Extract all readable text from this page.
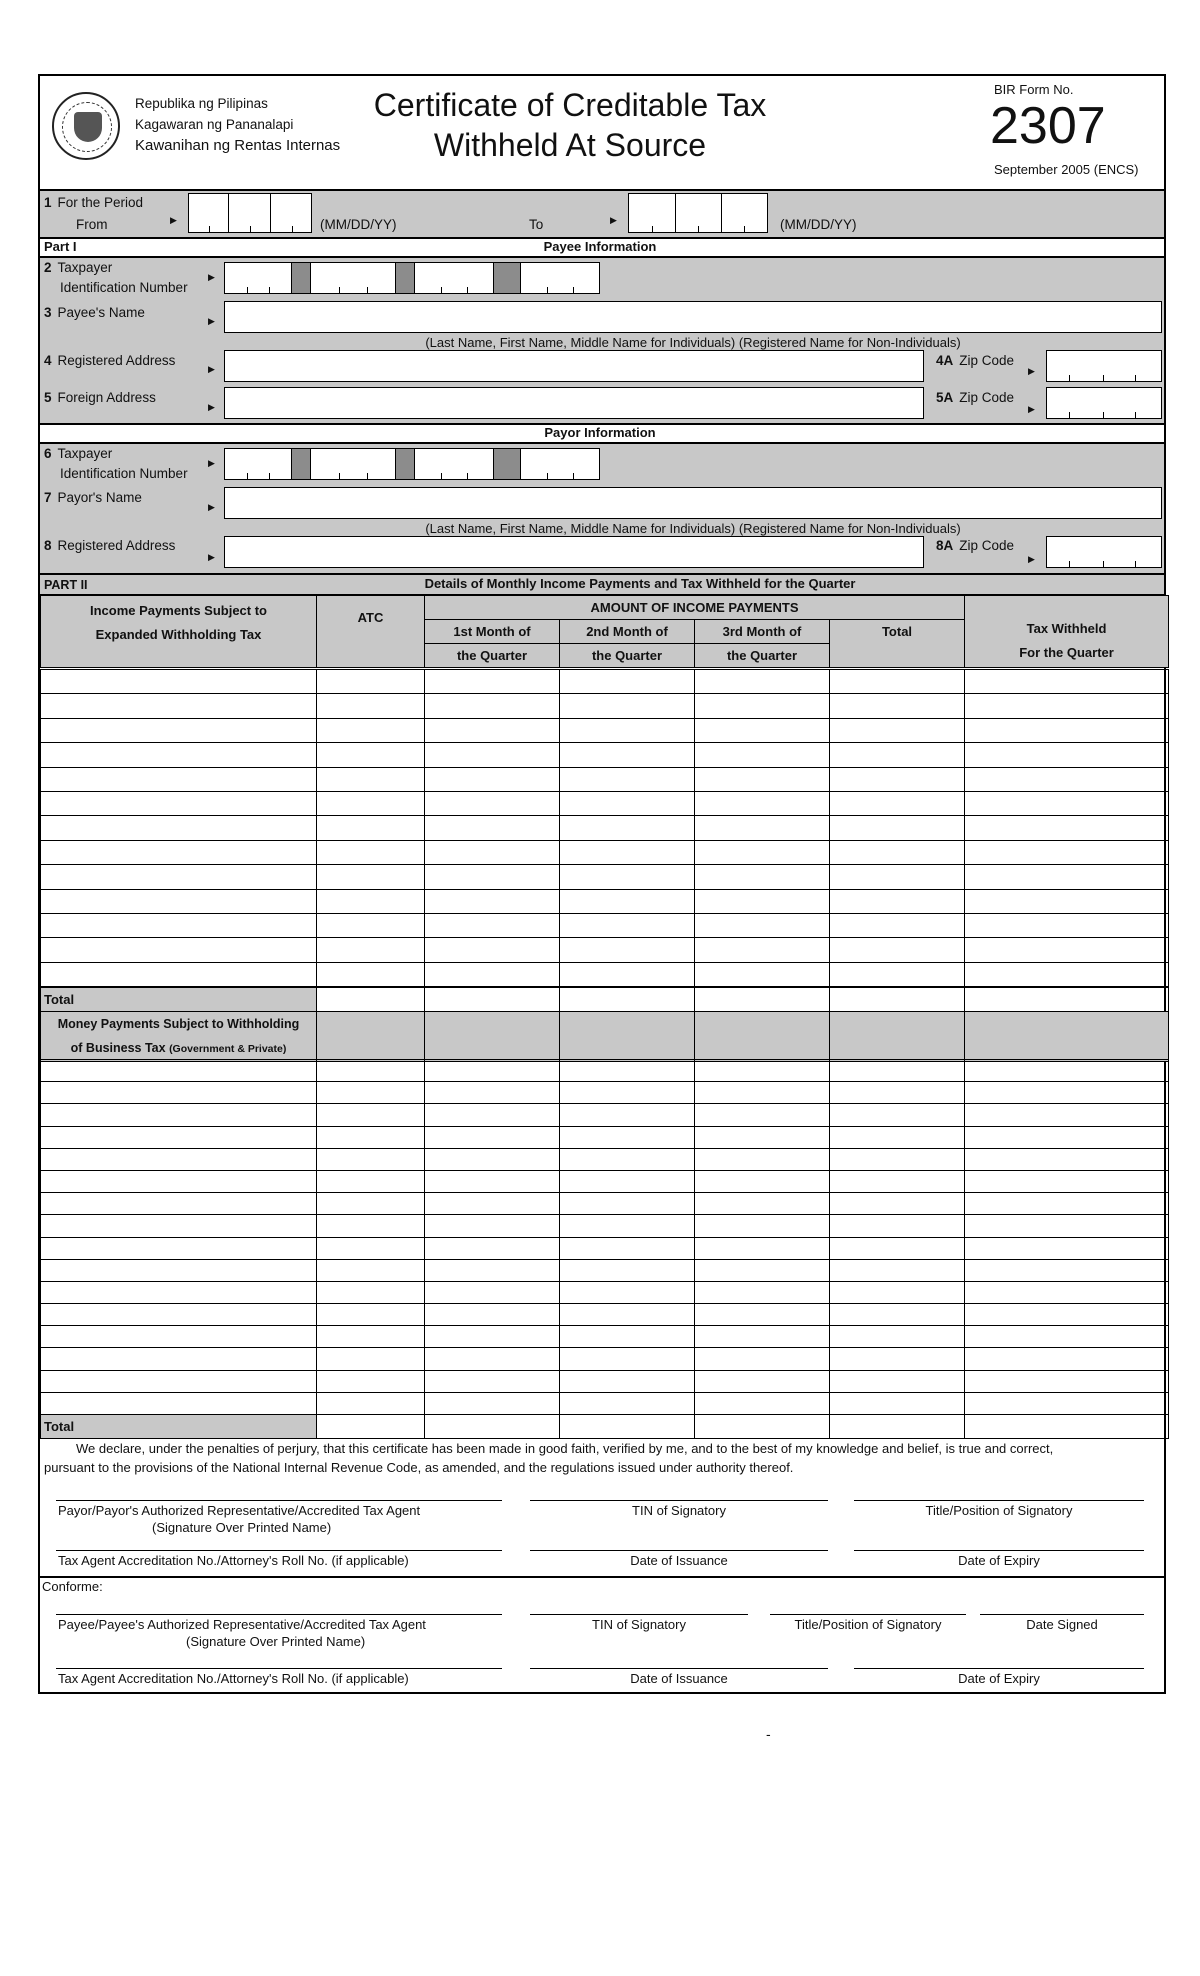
Republika ng Pilipinas
Kagawaran ng Pananalapi
Kawanihan ng Rentas Internas
Certificate of Creditable Tax
Withheld At Source
BIR Form No.
2307
September 2005 (ENCS)
1 For the Period
From	▶	(MM/DD/YY)	To	▶	(MM/DD/YY)
Part I	Payee Information
2 Taxpayer
Identification Number
▶
3 Payee's Name
▶
(Last Name, First Name, Middle Name for Individuals) (Registered Name for Non-Individuals)
4 Registered Address
▶
4A Zip Code
▶
5 Foreign Address
▶
5A Zip Code
▶
Payor Information
6 Taxpayer
Identification Number
▶
7 Payor's Name
▶
(Last Name, First Name, Middle Name for Individuals) (Registered Name for Non-Individuals)
8 Registered Address
▶
8A Zip Code
▶
PART II	Details of Monthly Income Payments and Tax Withheld for the Quarter
Income Payments Subject to
Expanded Withholding Tax	ATC	AMOUNT OF INCOME PAYMENTS				Tax Withheld
For the Quarter
		1st Month of	2nd Month of	3rd Month of	Total	
		the Quarter	the Quarter	the Quarter		

Total						
Money Payments Subject to Withholding
of Business Tax (Government & Private)						

Total						
We declare, under the penalties of perjury, that this certificate has been made in good faith, verified by me, and to the best of my knowledge and belief, is true and correct,
pursuant to the provisions of the National Internal Revenue Code, as amended, and the regulations issued under authority thereof.
Payor/Payor's Authorized Representative/Accredited Tax Agent
(Signature Over Printed Name)
TIN of Signatory	Title/Position of Signatory
Tax Agent Accreditation No./Attorney's Roll No. (if applicable)	Date of Issuance	Date of Expiry
Conforme:
Payee/Payee's Authorized Representative/Accredited Tax Agent
(Signature Over Printed Name)
TIN of Signatory	Title/Position of Signatory	Date Signed
Tax Agent Accreditation No./Attorney's Roll No. (if applicable)	Date of Issuance	Date of Expiry
-
